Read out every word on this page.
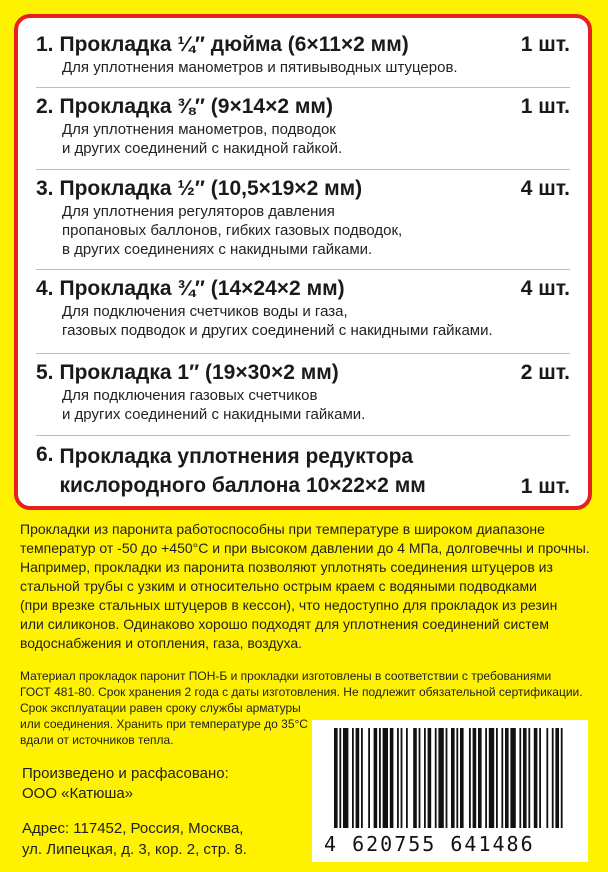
1. Прокладка ¼″ дюйма (6×11×2 мм)	1 шт.
Для уплотнения манометров и пятивыводных штуцеров.
2. Прокладка ⅜″ (9×14×2 мм)	1 шт.
Для уплотнения манометров, подводок
и других соединений с накидной гайкой.
3. Прокладка ½″ (10,5×19×2 мм)	4 шт.
Для уплотнения регуляторов давления
пропановых баллонов, гибких газовых подводок,
в других соединениях с накидными гайками.
4. Прокладка ¾″ (14×24×2 мм)	4 шт.
Для подключения счетчиков воды и газа,
газовых подводок и других соединений с накидными гайками.
5. Прокладка 1″ (19×30×2 мм)	2 шт.
Для подключения газовых счетчиков
и других соединений с накидными гайками.
6. Прокладка уплотнения редуктора
кислородного баллона 10×22×2 мм	1 шт.
Прокладки из паронита работоспособны при температуре в широком диапазоне
температур от -50 до +450°С и при высоком давлении до 4 МПа, долговечны и прочны.
Например, прокладки из паронита позволяют уплотнять соединения штуцеров из
стальной трубы с узким и относительно острым краем с водяными подводками
(при врезке стальных штуцеров в кессон), что недоступно для прокладок из резин
или силиконов. Одинаково хорошо подходят для уплотнения соединений систем
водоснабжения и отопления, газа, воздуха.
Материал прокладок паронит ПОН-Б и прокладки изготовлены в соответствии с требованиями
ГОСТ 481-80. Срок хранения 2 года с даты изготовления. Не подлежит обязательной сертификации.
Срок эксплуатации равен сроку службы арматуры
или соединения. Хранить при температуре до 35°С
вдали от источников тепла.
4 620755 641486
Произведено и расфасовано:
ООО «Катюша»
Адрес: 117452, Россия, Москва,
ул. Липецкая, д. 3, кор. 2, стр. 8.
